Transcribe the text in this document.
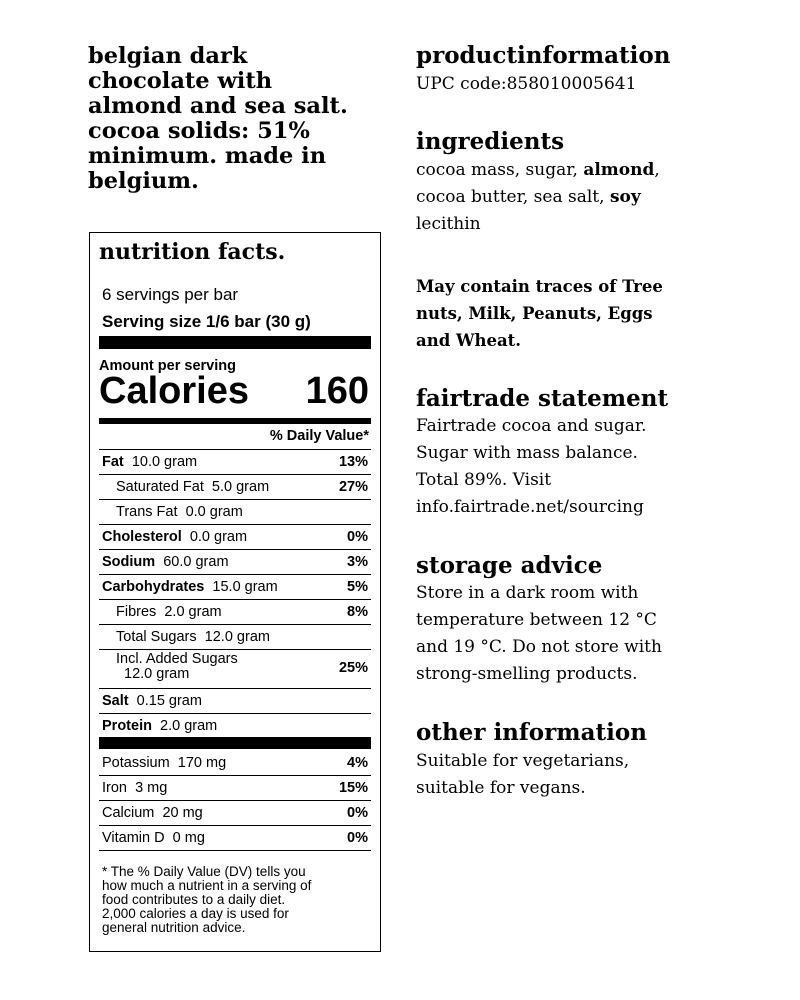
belgian dark
chocolate with
almond and sea salt.
cocoa solids: 51%
minimum. made in
belgium.
nutrition facts.
6 servings per bar
Serving size 1/6 bar (30 g)
Amount per serving
Calories 160
% Daily Value*
Fat 10.0 gram	13%
Saturated Fat 5.0 gram	27%
Trans Fat 0.0 gram
Cholesterol 0.0 gram	0%
Sodium 60.0 gram	3%
Carbohydrates 15.0 gram	5%
Fibres 2.0 gram	8%
Total Sugars 12.0 gram
Incl. Added Sugars
12.0 gram	25%
Salt 0.15 gram
Protein 2.0 gram
Potassium 170 mg	4%
Iron 3 mg	15%
Calcium 20 mg	0%
Vitamin D 0 mg	0%
* The % Daily Value (DV) tells you
how much a nutrient in a serving of
food contributes to a daily diet.
2,000 calories a day is used for
general nutrition advice.
productinformation
UPC code:858010005641
ingredients
cocoa mass, sugar, almond,
cocoa butter, sea salt, soy
lecithin
May contain traces of Tree
nuts, Milk, Peanuts, Eggs
and Wheat.
fairtrade statement
Fairtrade cocoa and sugar.
Sugar with mass balance.
Total 89%. Visit
info.fairtrade.net/sourcing
storage advice
Store in a dark room with
temperature between 12 °C
and 19 °C. Do not store with
strong-smelling products.
other information
Suitable for vegetarians,
suitable for vegans.
